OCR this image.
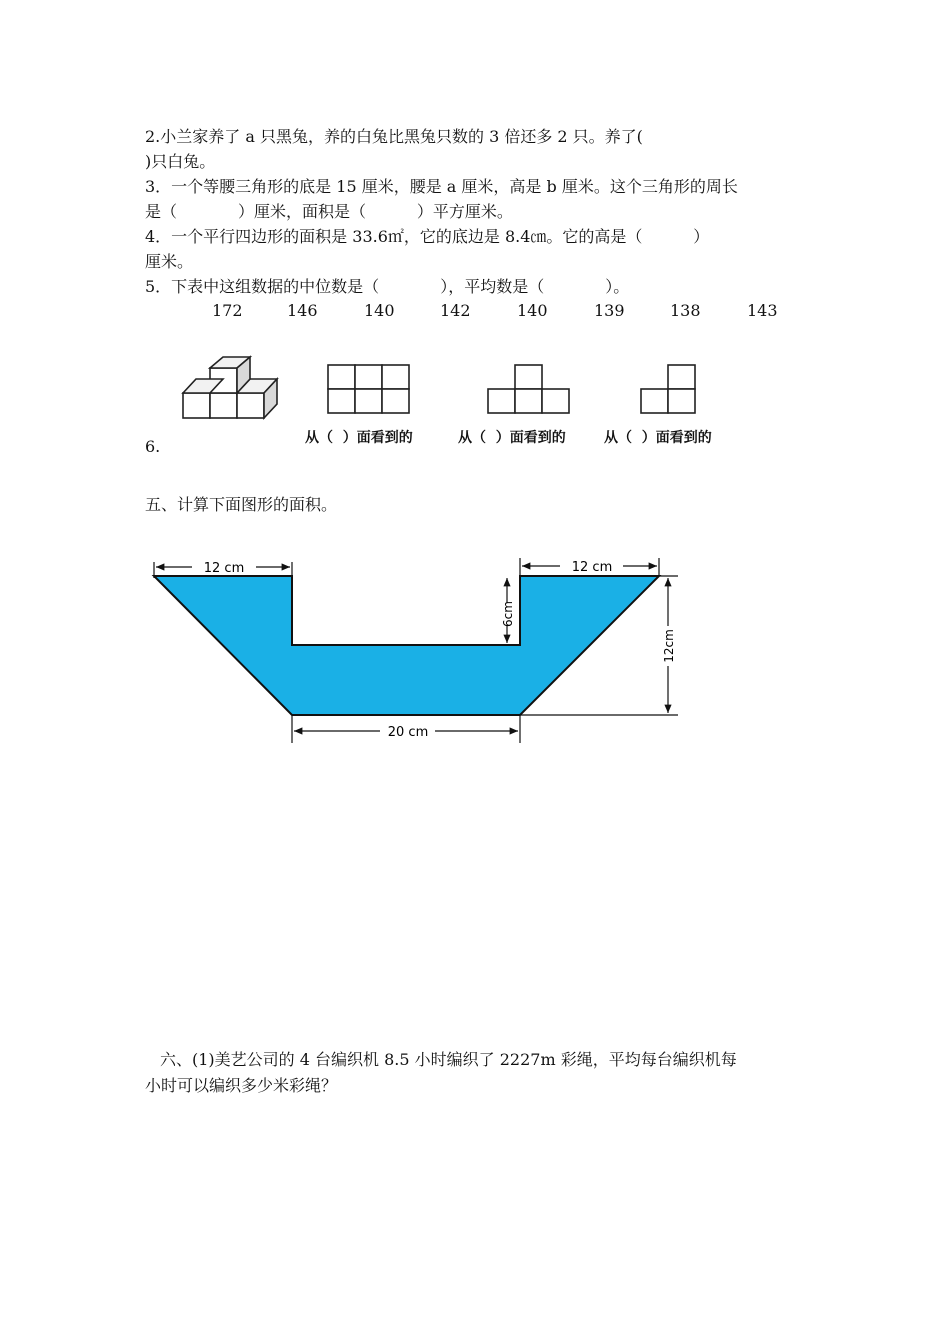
2.小兰家养了 a 只黑兔，养的白兔比黑兔只数的 3 倍还多 2 只。养了(
)只白兔。
3．一个等腰三角形的底是 15 厘米，腰是 a 厘米，高是 b 厘米。这个三角形的周长
是（            ）厘米，面积是（          ）平方厘米。
4．一个平行四边形的面积是 33.6㎡，它的底边是 8.4㎝。它的高是（          ）
厘米。
5．下表中这组数据的中位数是（            ），平均数是（            ）。
172	146	140	142	140	139	138	143
6.	从（  ）面看到的	从（  ）面看到的	从（  ）面看到的
五、计算下面图形的面积。
12 cm	12 cm
6cm
12cm
20 cm
六、(1)美艺公司的 4 台编织机 8.5 小时编织了 2227m 彩绳，平均每台编织机每
小时可以编织多少米彩绳？
